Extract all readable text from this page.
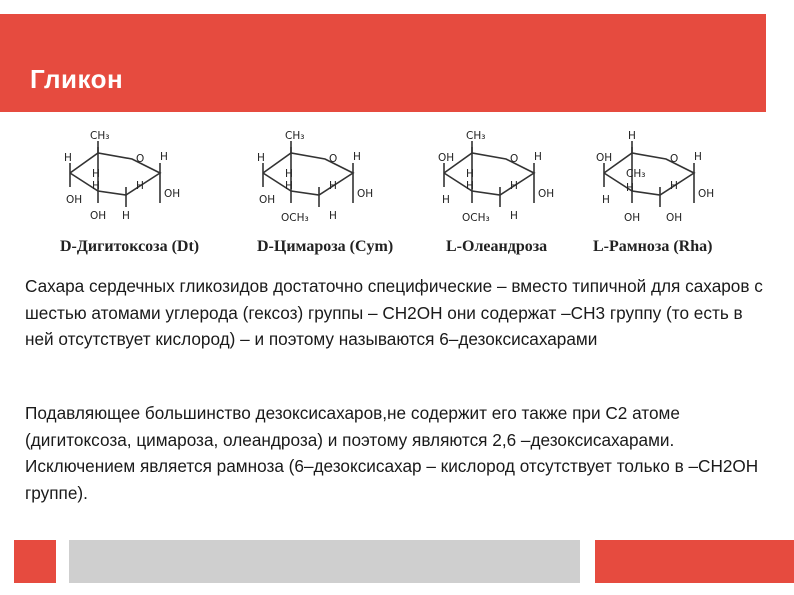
Гликон
CH₃
O
H	H
H
H	H
OH
OH
OH H
D-Дигитоксоза (Dt)
CH₃
O
H	H
H
H	H
OH
OH
OCH₃ H
D-Цимароза (Cym)
CH₃
O
OH	H
H
H	H
OH
H
OCH₃ H
L-Олеандроза
H
O
OH	H
CH₃
H	H
OH
H
OH OH
L-Рамноза (Rha)

Сахара сердечных гликозидов достаточно специфические – вместо типичной для сахаров с шестью атомами углерода (гексоз) группы – CH2OH они содержат –CH3 группу (то есть в ней отсутствует кислород) – и поэтому называются 6–дезоксисахарами

Подавляющее большинство дезоксисахаров,не содержит его также при С2 атоме (дигитоксоза, цимароза, олеандроза) и поэтому являются 2,6 –дезоксисахарами. Исключением является рамноза (6–дезоксисахар – кислород отсутствует только в –CH2OH группе).
